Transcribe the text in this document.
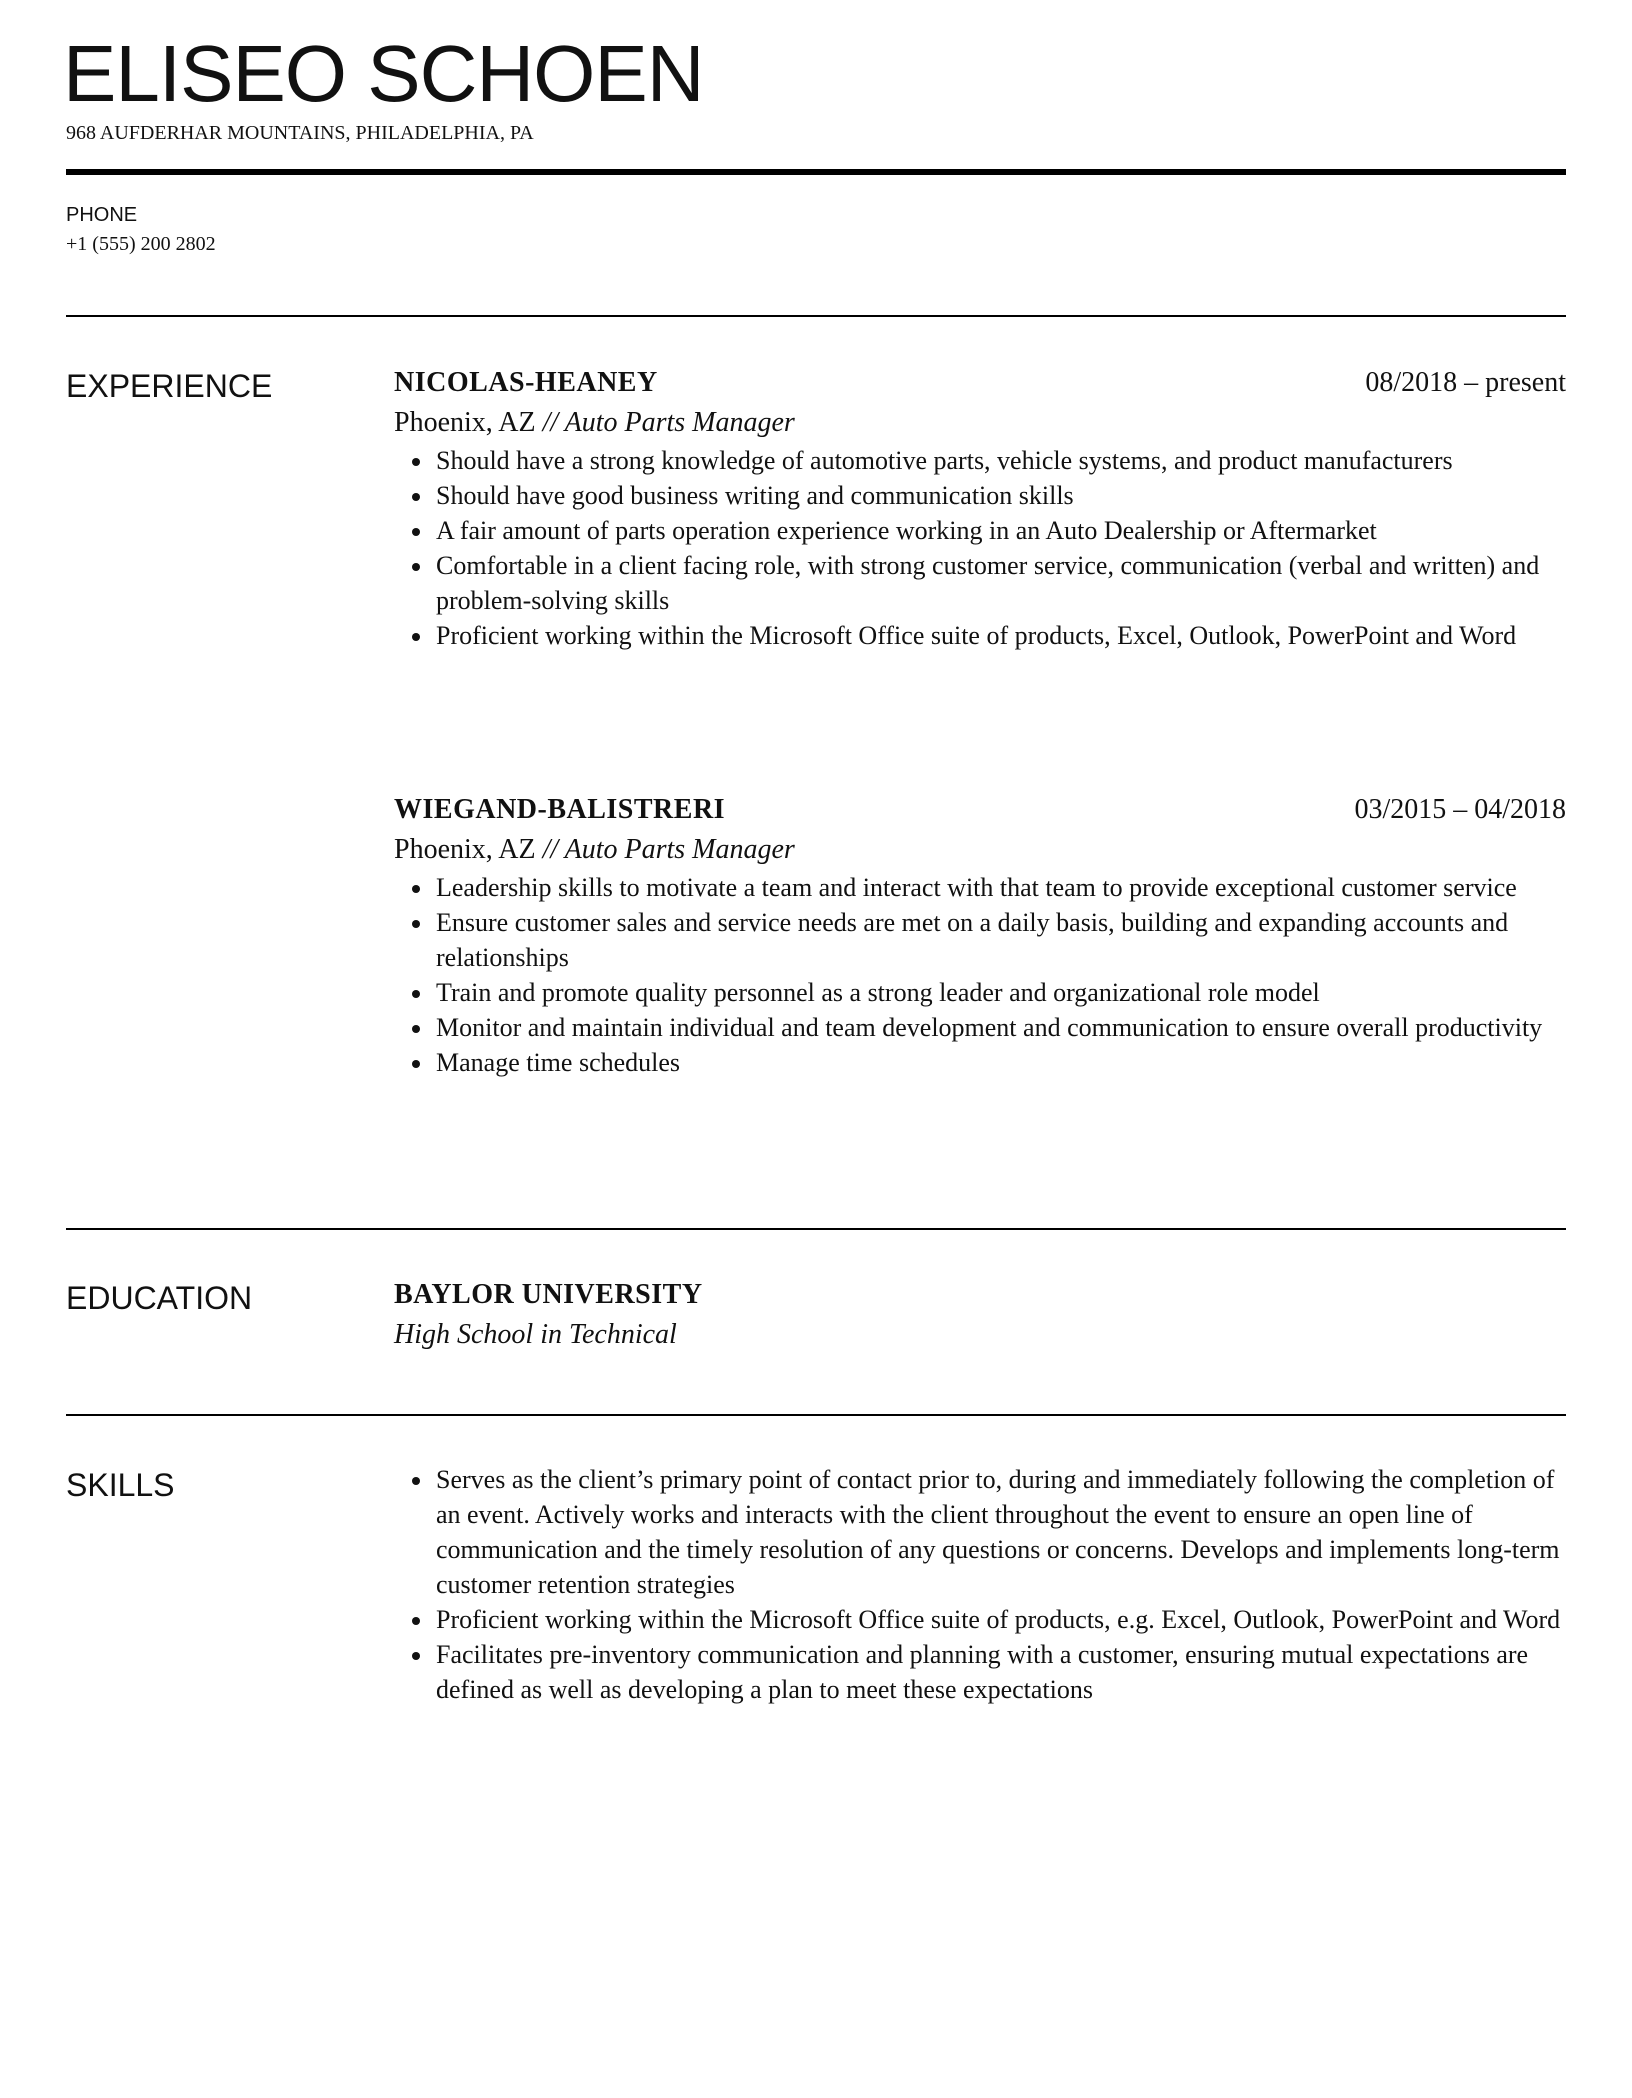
ELISEO SCHOEN
968 AUFDERHAR MOUNTAINS, PHILADELPHIA, PA
PHONE
+1 (555) 200 2802
EXPERIENCE	NICOLAS-HEANEY	08/2018 – present
Phoenix, AZ // Auto Parts Manager
Should have a strong knowledge of automotive parts, vehicle systems, and product manufacturers
Should have good business writing and communication skills
A fair amount of parts operation experience working in an Auto Dealership or Aftermarket
Comfortable in a client facing role, with strong customer service, communication (verbal and written) and problem-solving skills
Proficient working within the Microsoft Office suite of products, Excel, Outlook, PowerPoint and Word
WIEGAND-BALISTRERI	03/2015 – 04/2018
Phoenix, AZ // Auto Parts Manager
Leadership skills to motivate a team and interact with that team to provide exceptional customer service
Ensure customer sales and service needs are met on a daily basis, building and expanding accounts and relationships
Train and promote quality personnel as a strong leader and organizational role model
Monitor and maintain individual and team development and communication to ensure overall productivity
Manage time schedules
EDUCATION	BAYLOR UNIVERSITY
High School in Technical
SKILLS	Serves as the client’s primary point of contact prior to, during and immediately following the completion of an event. Actively works and interacts with the client throughout the event to ensure an open line of communication and the timely resolution of any questions or concerns. Develops and implements long-term customer retention strategies
Proficient working within the Microsoft Office suite of products, e.g. Excel, Outlook, PowerPoint and Word
Facilitates pre-inventory communication and planning with a customer, ensuring mutual expectations are defined as well as developing a plan to meet these expectations
